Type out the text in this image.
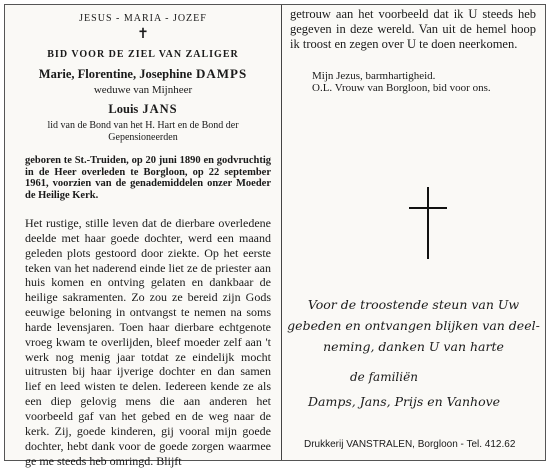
JESUS - MARIA - JOZEF
✝
BID VOOR DE ZIEL VAN ZALIGER
Marie, Florentine, Josephine DAMPS
weduwe van Mijnheer
Louis JANS
lid van de Bond van het H. Hart en de Bond der
Gepensioneerden
geboren te St.-Truiden, op 20 juni 1890 en godvruchtig in de Heer overleden te Borgloon, op 22 september 1961, voorzien van de genademiddelen onzer Moeder de Heilige Kerk.
Het rustige, stille leven dat de dierbare overledene deelde met haar goede dochter, werd een maand geleden plots gestoord door ziekte. Op het eerste teken van het naderend einde liet ze de priester aan huis komen en ontving gelaten en dankbaar de heilige sakramenten. Zo zou ze bereid zijn Gods eeuwige beloning in ontvangst te nemen na soms harde levensjaren. Toen haar dierbare echtgenote vroeg kwam te overlijden, bleef moeder zelf aan 't werk nog menig jaar totdat ze eindelijk mocht uitrusten bij haar ijverige dochter en dan samen lief en leed wisten te delen. Iedereen kende ze als een diep gelovig mens die aan anderen het voorbeeld gaf van het gebed en de weg naar de kerk. Zij, goede kinderen, gij vooral mijn goede dochter, hebt dank voor de goede zorgen waarmee ge me steeds heb omringd. Blijft
getrouw aan het voorbeeld dat ik U steeds heb gegeven in deze wereld. Van uit de hemel hoop ik troost en zegen over U te doen neerkomen.
Mijn Jezus, barmhartigheid.
O.L. Vrouw van Borgloon, bid voor ons.
Voor de troostende steun van Uw
gebeden en ontvangen blijken van deel-
neming, danken U van harte
de familiën
Damps, Jans, Prijs en Vanhove
Drukkerij VANSTRALEN, Borgloon - Tel. 412.62
